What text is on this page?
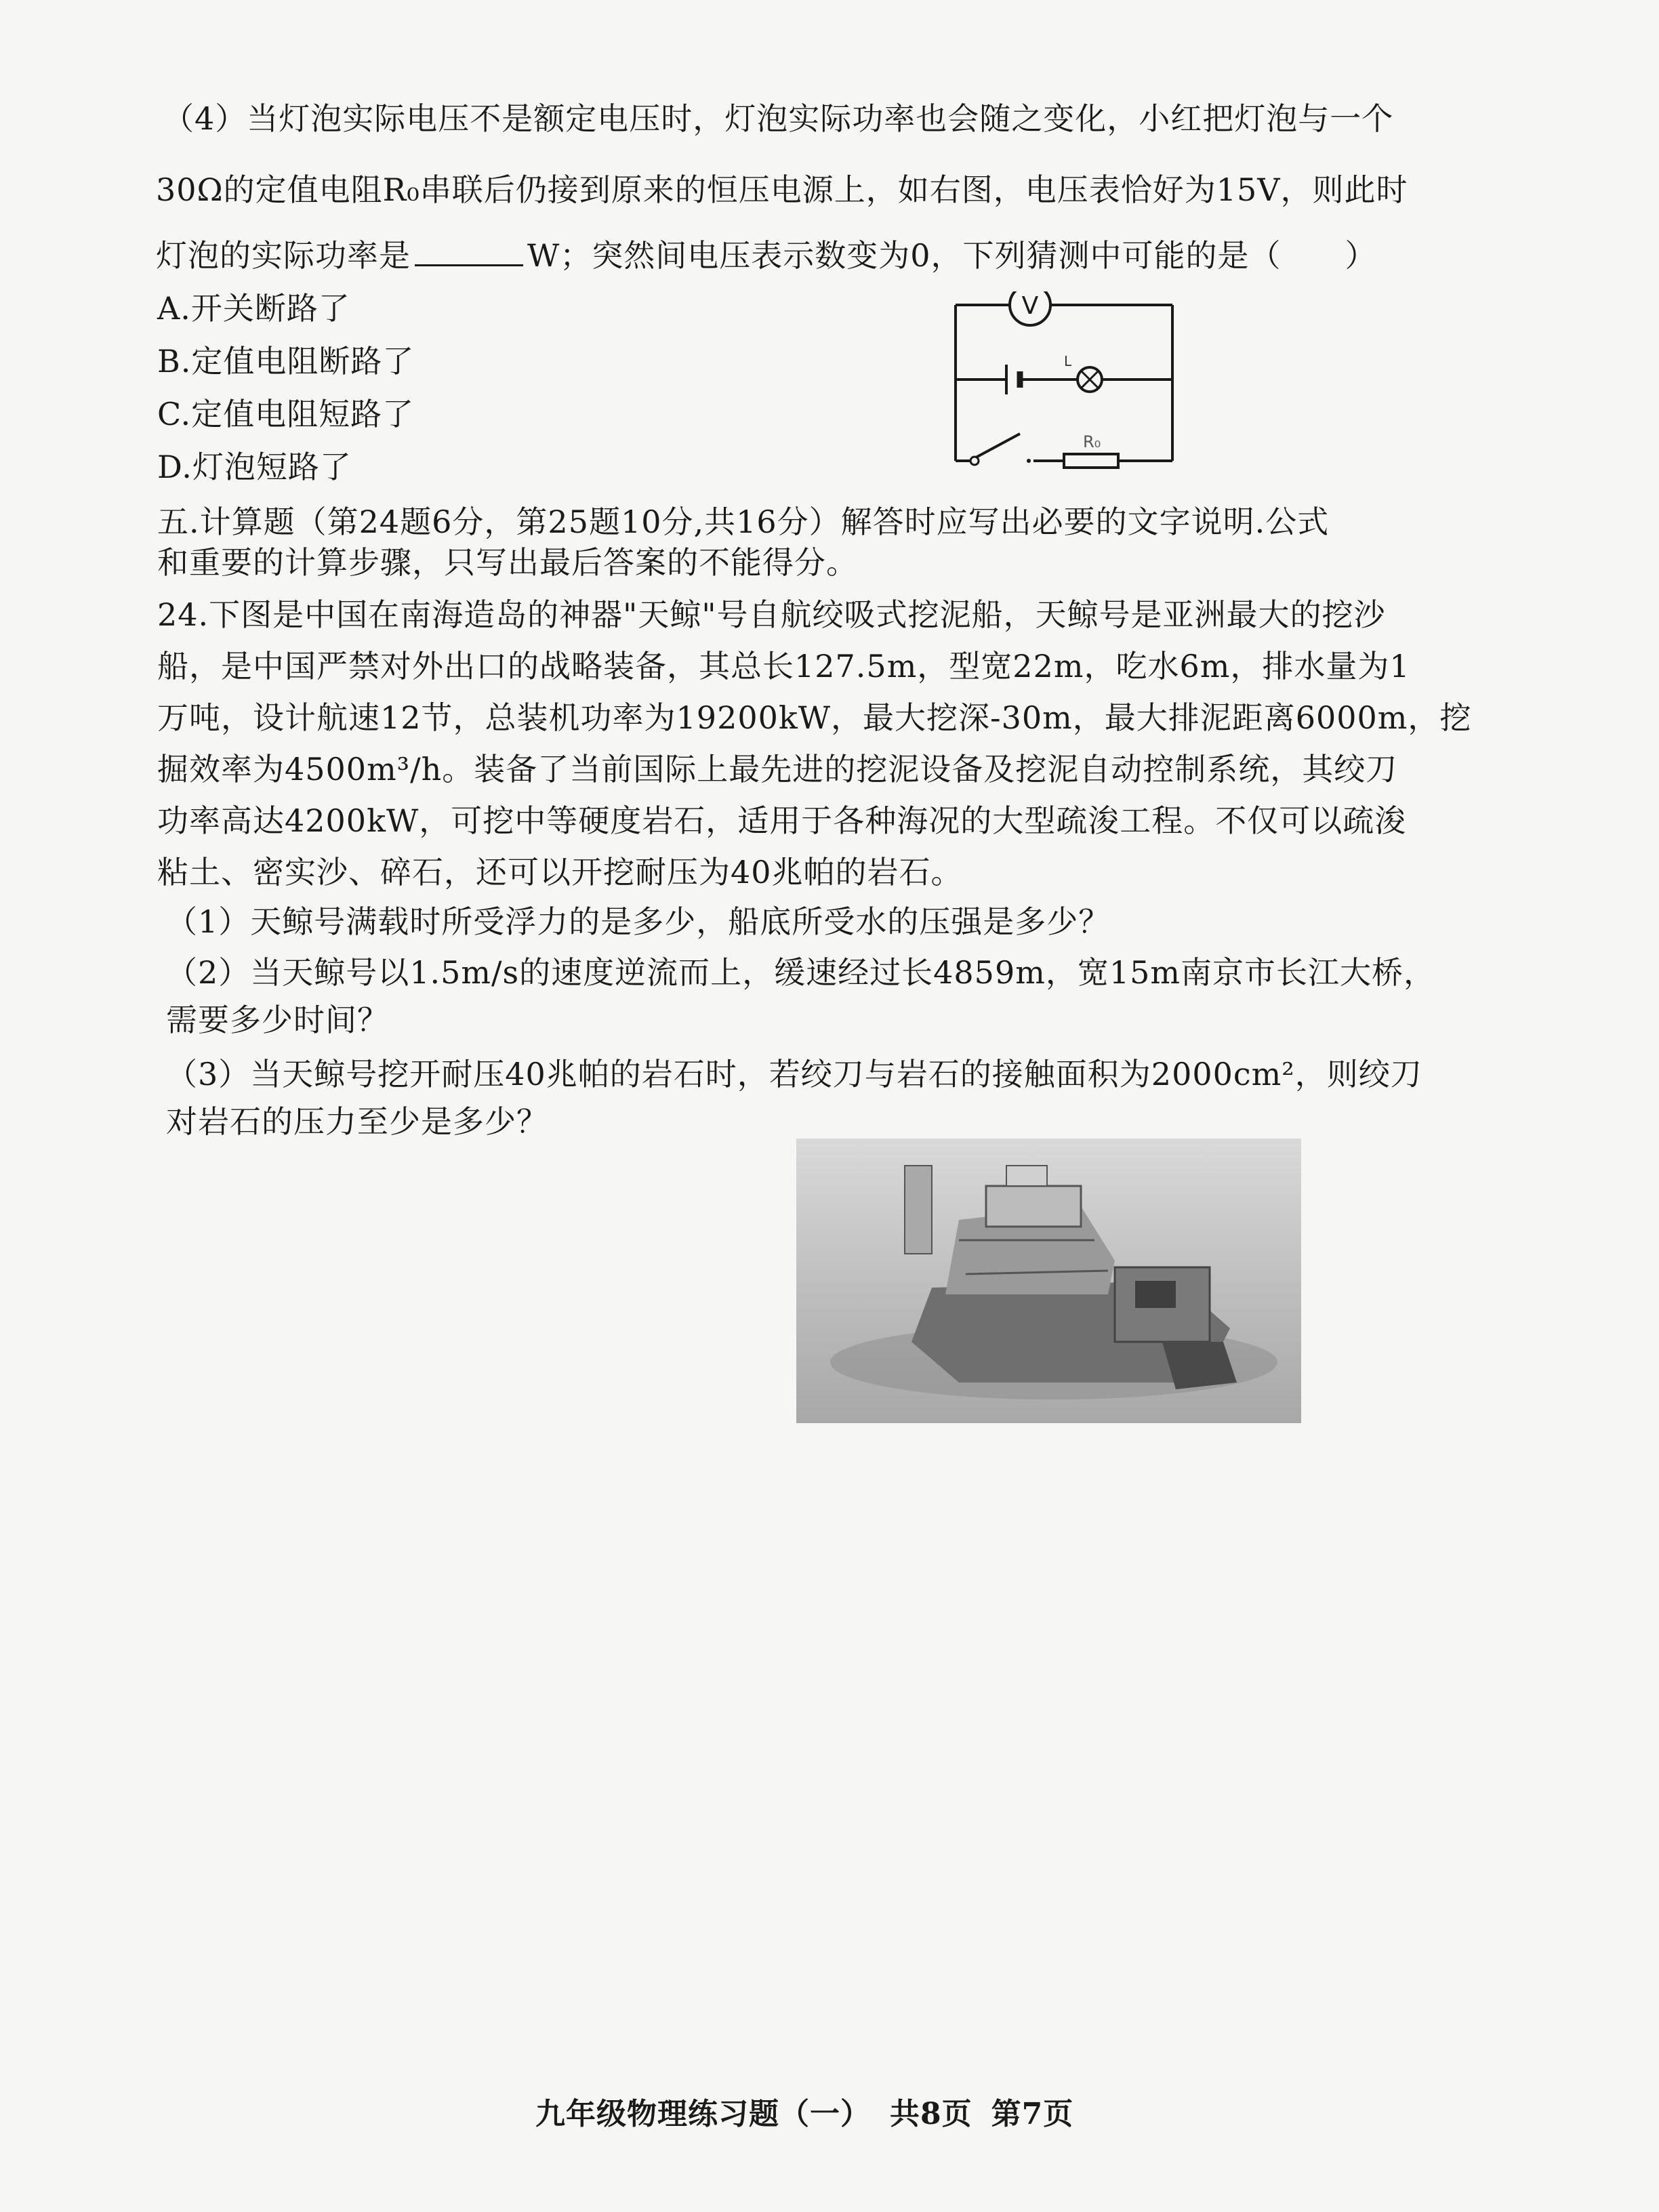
（4）当灯泡实际电压不是额定电压时，灯泡实际功率也会随之变化，小红把灯泡与一个
30Ω的定值电阻R₀串联后仍接到原来的恒压电源上，如右图，电压表恰好为15V，则此时
灯泡的实际功率是	W；突然间电压表示数变为0，下列猜测中可能的是（　　）
A.开关断路了
B.定值电阻断路了
C.定值电阻短路了
D.灯泡短路了
V
L
R₀
五.计算题（第24题6分，第25题10分,共16分）解答时应写出必要的文字说明.公式
和重要的计算步骤，只写出最后答案的不能得分。
24.下图是中国在南海造岛的神器"天鲸"号自航绞吸式挖泥船，天鲸号是亚洲最大的挖沙
船，是中国严禁对外出口的战略装备，其总长127.5m，型宽22m，吃水6m，排水量为1
万吨，设计航速12节，总装机功率为19200kW，最大挖深-30m，最大排泥距离6000m，挖
掘效率为4500m³/h。装备了当前国际上最先进的挖泥设备及挖泥自动控制系统，其绞刀
功率高达4200kW，可挖中等硬度岩石，适用于各种海况的大型疏浚工程。不仅可以疏浚
粘土、密实沙、碎石，还可以开挖耐压为40兆帕的岩石。
（1）天鲸号满载时所受浮力的是多少，船底所受水的压强是多少？
（2）当天鲸号以1.5m/s的速度逆流而上，缓速经过长4859m，宽15m南京市长江大桥，
需要多少时间？
（3）当天鲸号挖开耐压40兆帕的岩石时，若绞刀与岩石的接触面积为2000cm²，则绞刀
对岩石的压力至少是多少？
九年级物理练习题（一） 共8页 第7页
